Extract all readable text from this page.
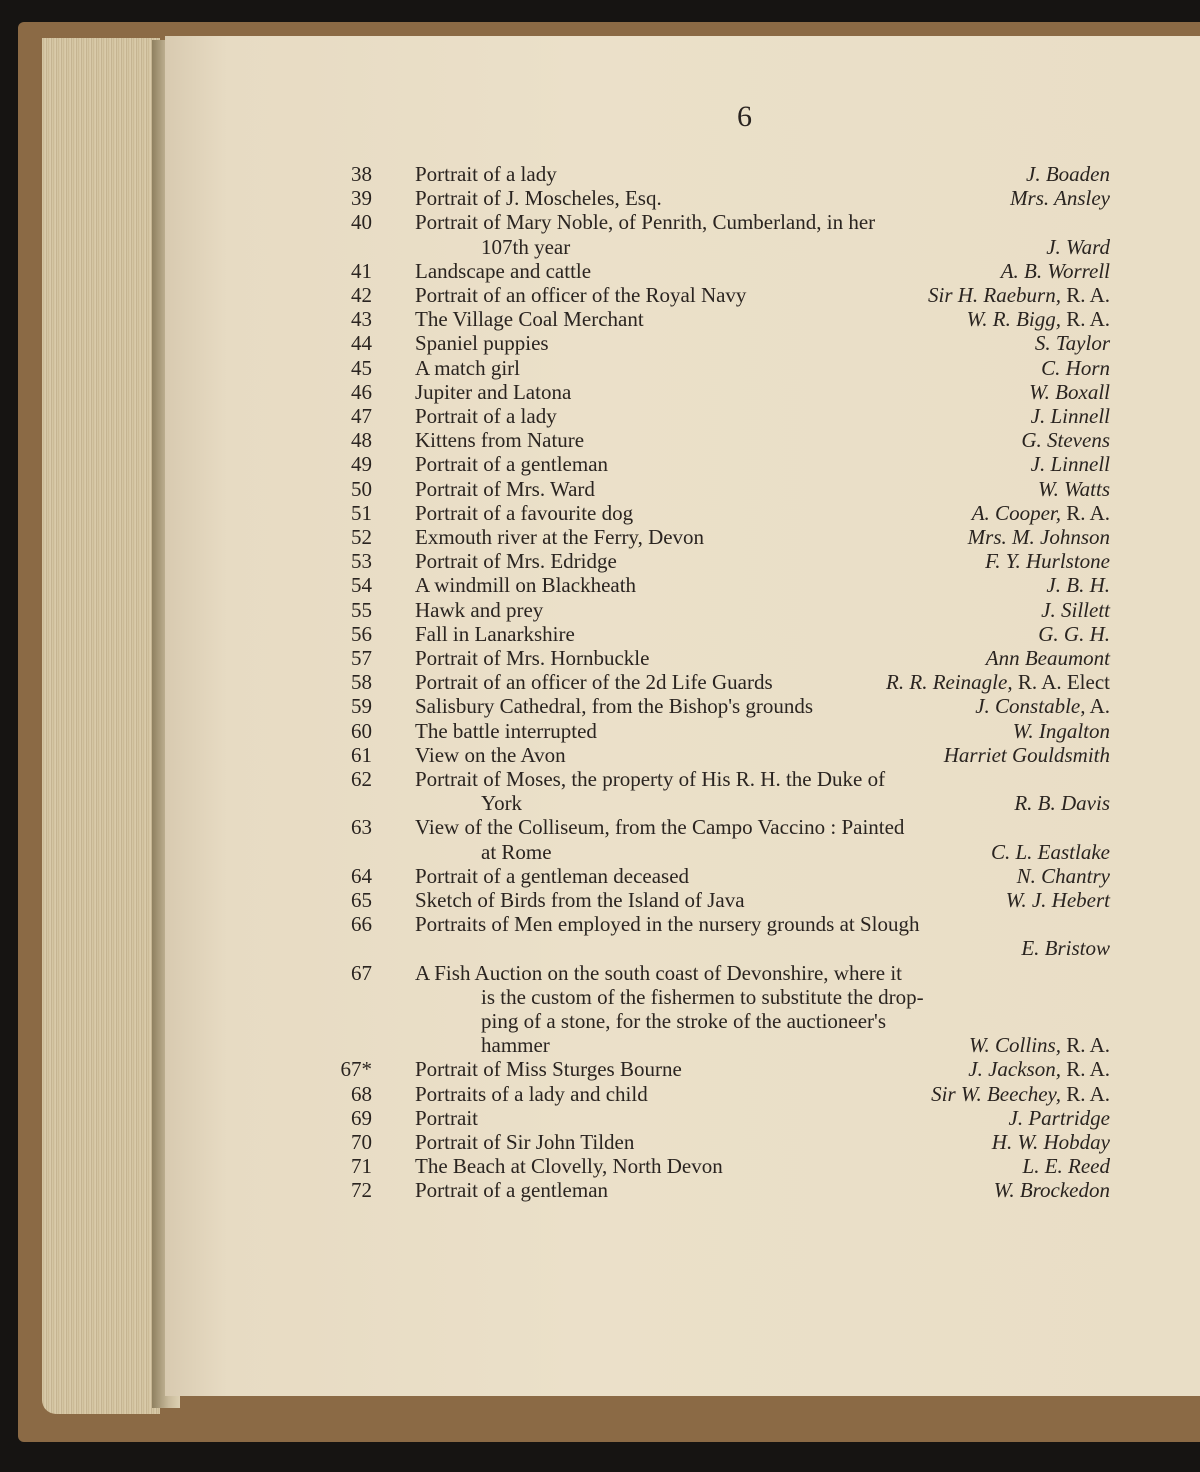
6
38 Portrait of a lady	J. Boaden
39 Portrait of J. Moscheles, Esq.	Mrs. Ansley
40 Portrait of Mary Noble, of Penrith, Cumberland, in her
107th year	J. Ward
41 Landscape and cattle	A. B. Worrell
42 Portrait of an officer of the Royal Navy	Sir H. Raeburn, R. A.
43 The Village Coal Merchant	W. R. Bigg, R. A.
44 Spaniel puppies	S. Taylor
45 A match girl	C. Horn
46 Jupiter and Latona	W. Boxall
47 Portrait of a lady	J. Linnell
48 Kittens from Nature	G. Stevens
49 Portrait of a gentleman	J. Linnell
50 Portrait of Mrs. Ward	W. Watts
51 Portrait of a favourite dog	A. Cooper, R. A.
52 Exmouth river at the Ferry, Devon	Mrs. M. Johnson
53 Portrait of Mrs. Edridge	F. Y. Hurlstone
54 A windmill on Blackheath	J. B. H.
55 Hawk and prey	J. Sillett
56 Fall in Lanarkshire	G. G. H.
57 Portrait of Mrs. Hornbuckle	Ann Beaumont
58 Portrait of an officer of the 2d Life Guards	R. R. Reinagle, R. A. Elect
59 Salisbury Cathedral, from the Bishop's grounds	J. Constable, A.
60 The battle interrupted	W. Ingalton
61 View on the Avon	Harriet Gouldsmith
62 Portrait of Moses, the property of His R. H. the Duke of
York	R. B. Davis
63 View of the Colliseum, from the Campo Vaccino : Painted
at Rome	C. L. Eastlake
64 Portrait of a gentleman deceased	N. Chantry
65 Sketch of Birds from the Island of Java	W. J. Hebert
66 Portraits of Men employed in the nursery grounds at Slough
E. Bristow
67 A Fish Auction on the south coast of Devonshire, where it
is the custom of the fishermen to substitute the drop-
ping of a stone, for the stroke of the auctioneer's
hammer	W. Collins, R. A.
67* Portrait of Miss Sturges Bourne	J. Jackson, R. A.
68 Portraits of a lady and child	Sir W. Beechey, R. A.
69 Portrait	J. Partridge
70 Portrait of Sir John Tilden	H. W. Hobday
71 The Beach at Clovelly, North Devon	L. E. Reed
72 Portrait of a gentleman	W. Brockedon
